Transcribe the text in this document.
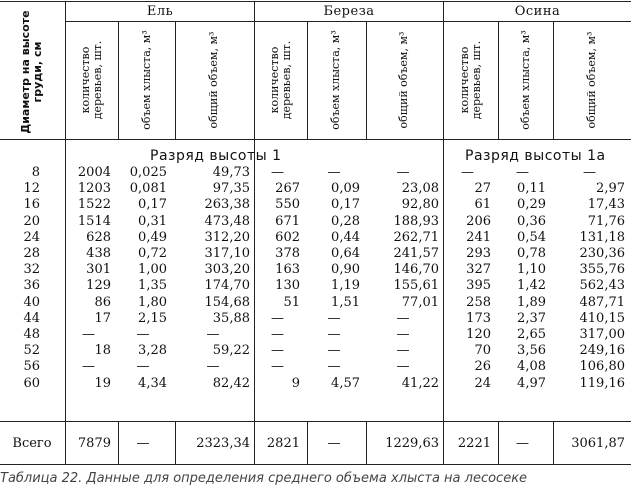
Ель	Береза	Осина
Диаметр на высоте груди, см	количество деревьев, шт.	объем хлыста, м³	общий объем, м³	количество деревьев, шт.	объем хлыста, м³	общий объем, м³	количество деревьев, шт.	объем хлыста, м³	общий объем, м³
Разряд высоты 1	Разряд высоты 1а
8	2004	0,025	49,73	—	—	—	—	—	—
12	1203	0,081	97,35	267	0,09	23,08	27	0,11	2,97
16	1522	0,17	263,38	550	0,17	92,80	61	0,29	17,43
20	1514	0,31	473,48	671	0,28	188,93	206	0,36	71,76
24	628	0,49	312,20	602	0,44	262,71	241	0,54	131,18
28	438	0,72	317,10	378	0,64	241,57	293	0,78	230,36
32	301	1,00	303,20	163	0,90	146,70	327	1,10	355,76
36	129	1,35	174,70	130	1,19	155,61	395	1,42	562,43
40	86	1,80	154,68	51	1,51	77,01	258	1,89	487,71
44	17	2,15	35,88	—	—	—	173	2,37	410,15
48	—	—	—	—	—	—	120	2,65	317,00
52	18	3,28	59,22	—	—	—	70	3,56	249,16
56	—	—	—	—	—	—	26	4,08	106,80
60	19	4,34	82,42	9	4,57	41,22	24	4,97	119,16
Всего	7879	—	2323,34	2821	—	1229,63	2221	—	3061,87
Таблица 22. Данные для определения среднего объема хлыста на лесосеке
